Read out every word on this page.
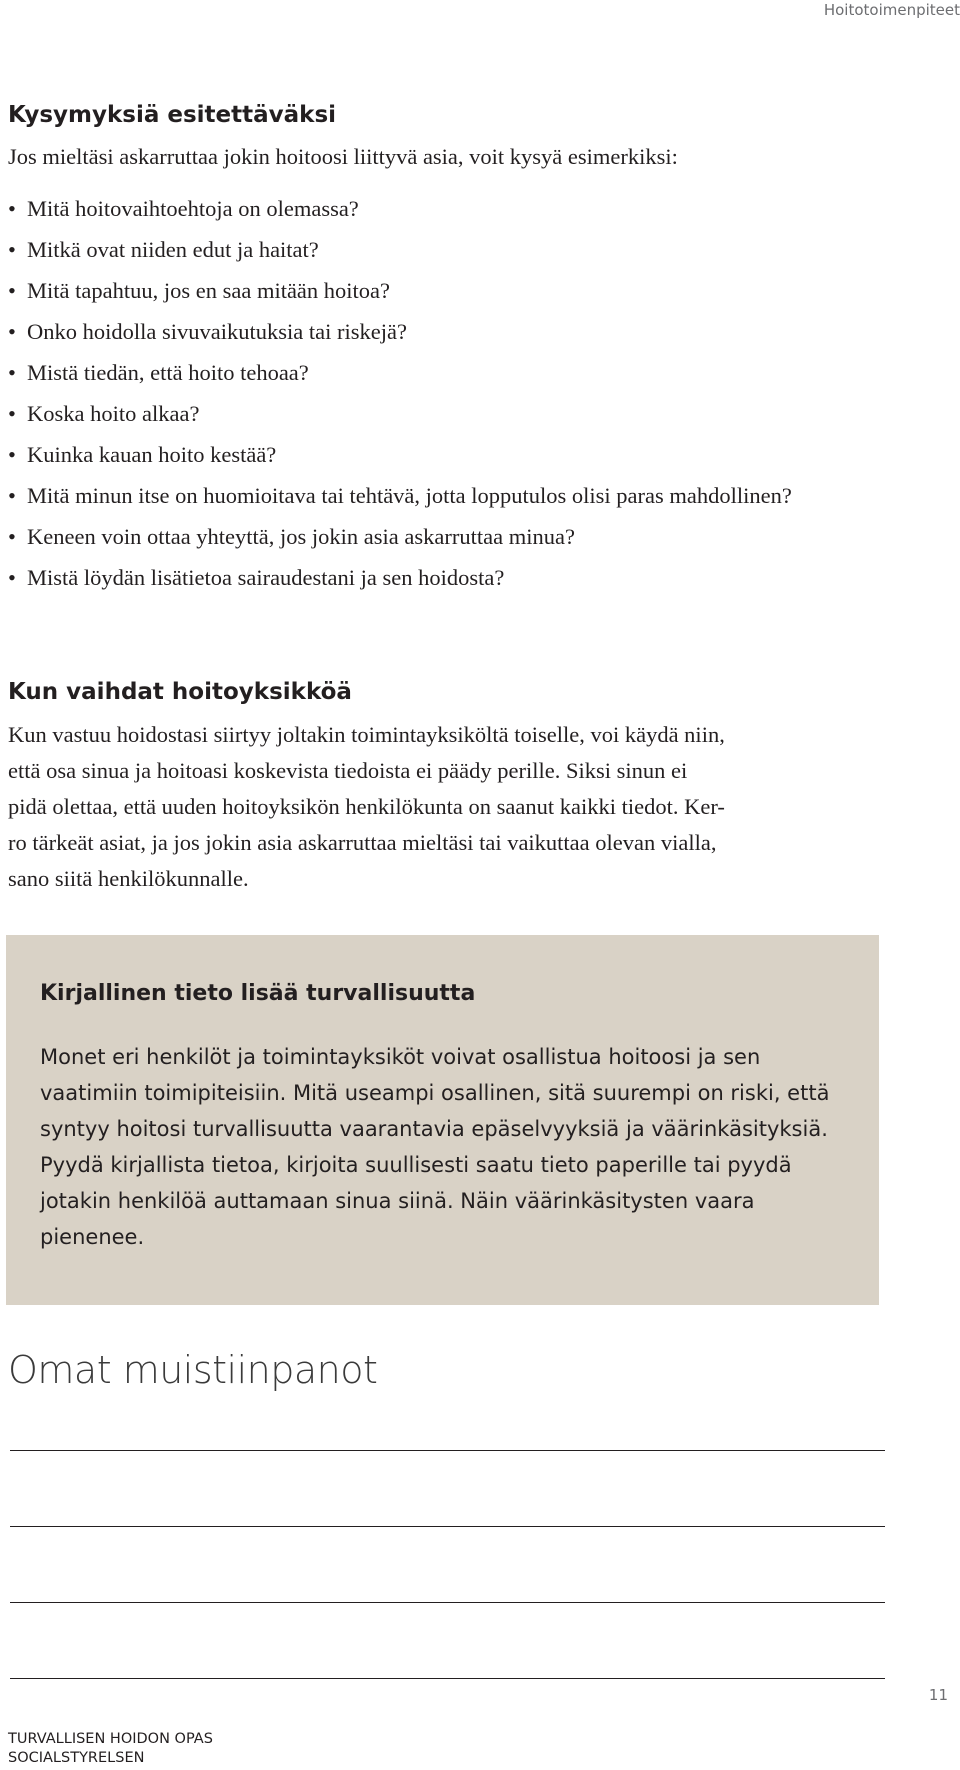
Hoitotoimenpiteet
Kysymyksiä esitettäväksi
Jos mieltäsi askarruttaa jokin hoitoosi liittyvä asia, voit kysyä esimerkiksi:
• Mitä hoitovaihtoehtoja on olemassa?
• Mitkä ovat niiden edut ja haitat?
• Mitä tapahtuu, jos en saa mitään hoitoa?
• Onko hoidolla sivuvaikutuksia tai riskejä?
• Mistä tiedän, että hoito tehoaa?
• Koska hoito alkaa?
• Kuinka kauan hoito kestää?
• Mitä minun itse on huomioitava tai tehtävä, jotta lopputulos olisi paras mahdollinen?
• Keneen voin ottaa yhteyttä, jos jokin asia askarruttaa minua?
• Mistä löydän lisätietoa sairaudestani ja sen hoidosta?
Kun vaihdat hoitoyksikköä
Kun vastuu hoidostasi siirtyy joltakin toimintayksiköltä toiselle, voi käydä niin,
että osa sinua ja hoitoasi koskevista tiedoista ei päädy perille. Siksi sinun ei
pidä olettaa, että uuden hoitoyksikön henkilökunta on saanut kaikki tiedot. Ker-
ro tärkeät asiat, ja jos jokin asia askarruttaa mieltäsi tai vaikuttaa olevan vialla,
sano siitä henkilökunnalle.
Kirjallinen tieto lisää turvallisuutta
Monet eri henkilöt ja toimintayksiköt voivat osallistua hoitoosi ja sen
vaatimiin toimipiteisiin. Mitä useampi osallinen, sitä suurempi on riski, että
syntyy hoitosi turvallisuutta vaarantavia epäselvyyksiä ja väärinkäsityksiä.
Pyydä kirjallista tietoa, kirjoita suullisesti saatu tieto paperille tai pyydä
jotakin henkilöä auttamaan sinua siinä. Näin väärinkäsitysten vaara
pienenee.
Omat muistiinpanot
11
TURVALLISEN HOIDON OPAS
SOCIALSTYRELSEN
